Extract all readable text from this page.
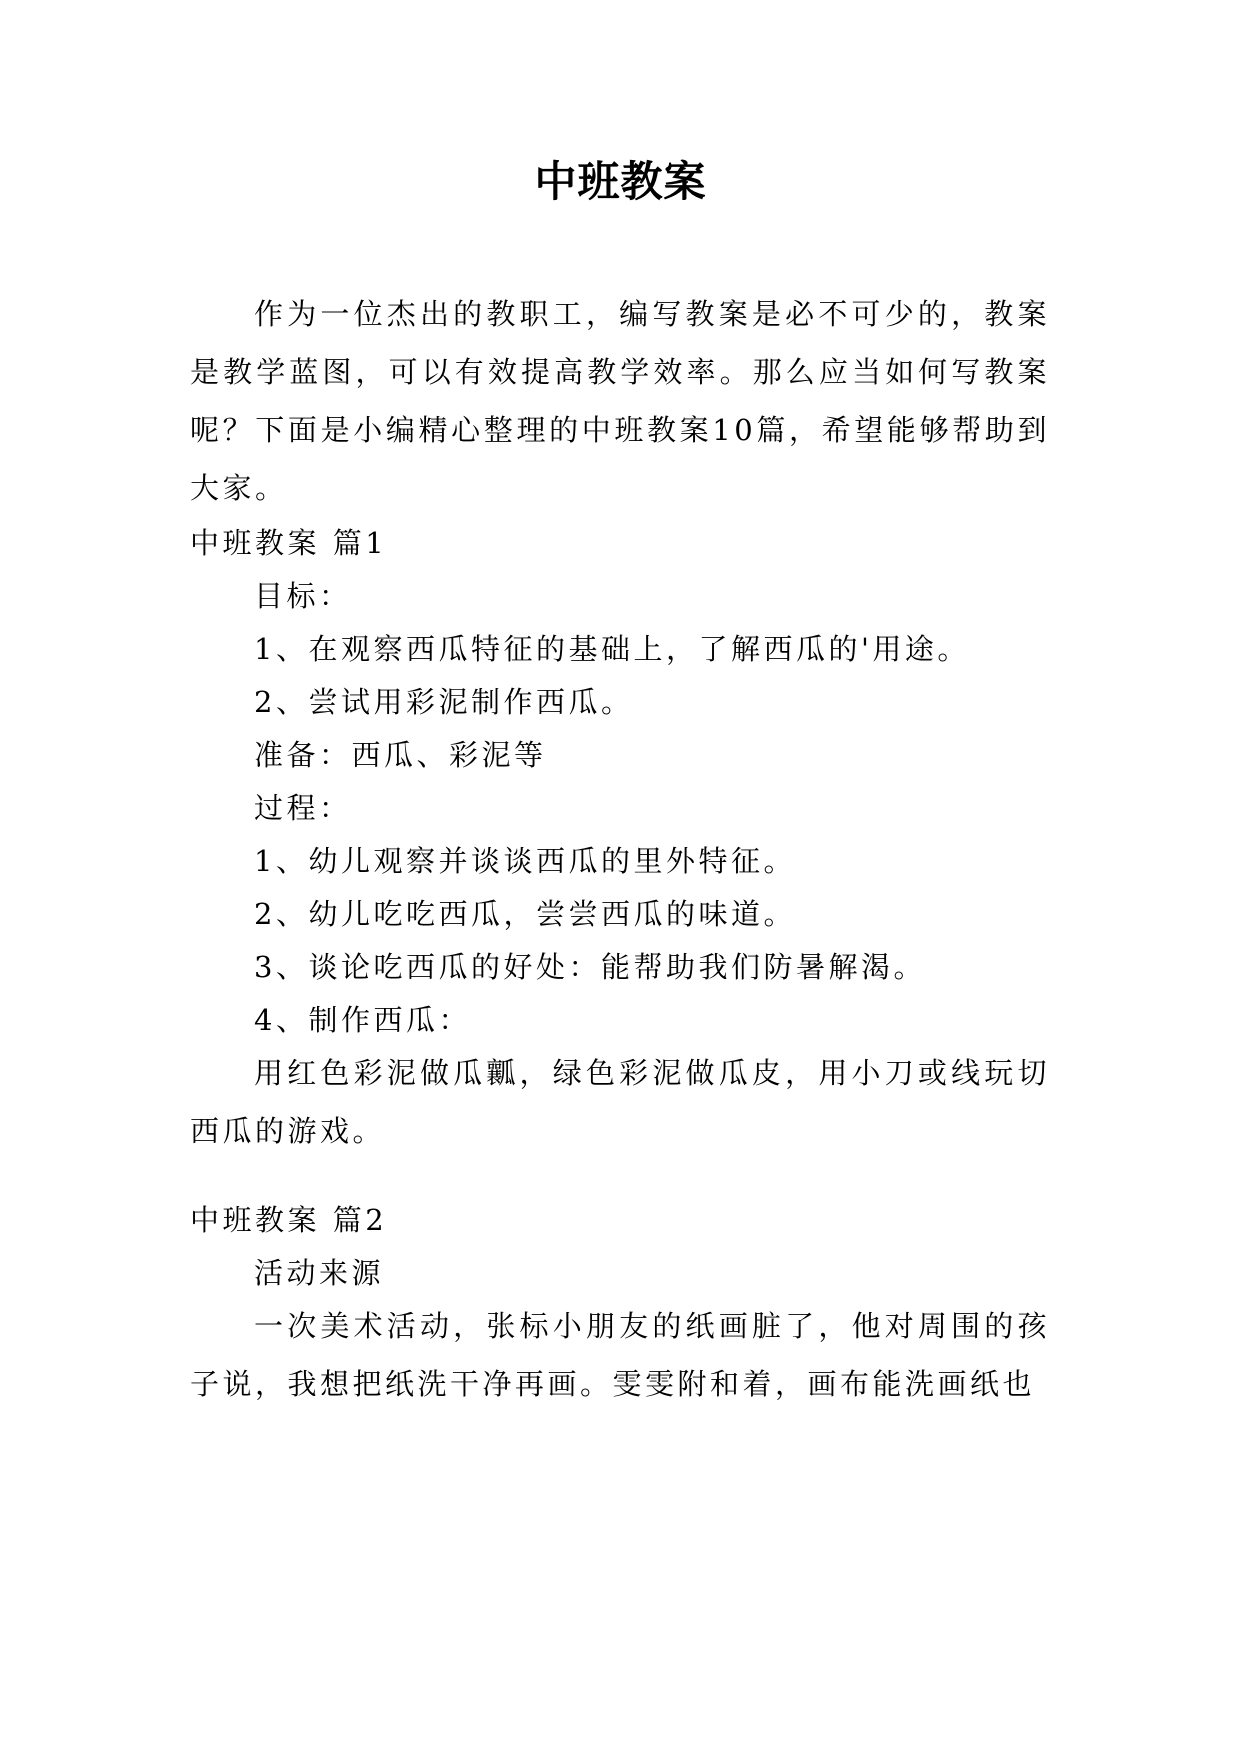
中班教案

作为一位杰出的教职工，编写教案是必不可少的，教案是教学蓝图，可以有效提高教学效率。那么应当如何写教案呢？下面是小编精心整理的中班教案10篇，希望能够帮助到大家。

中班教案 篇1

目标：

1、在观察西瓜特征的基础上，了解西瓜的'用途。

2、尝试用彩泥制作西瓜。

准备：西瓜、彩泥等

过程：

1、幼儿观察并谈谈西瓜的里外特征。

2、幼儿吃吃西瓜，尝尝西瓜的味道。

3、谈论吃西瓜的好处：能帮助我们防暑解渴。

4、制作西瓜：

用红色彩泥做瓜瓤，绿色彩泥做瓜皮，用小刀或线玩切西瓜的游戏。

中班教案 篇2

活动来源

一次美术活动，张标小朋友的纸画脏了，他对周围的孩子说，我想把纸洗干净再画。雯雯附和着，画布能洗画纸也
